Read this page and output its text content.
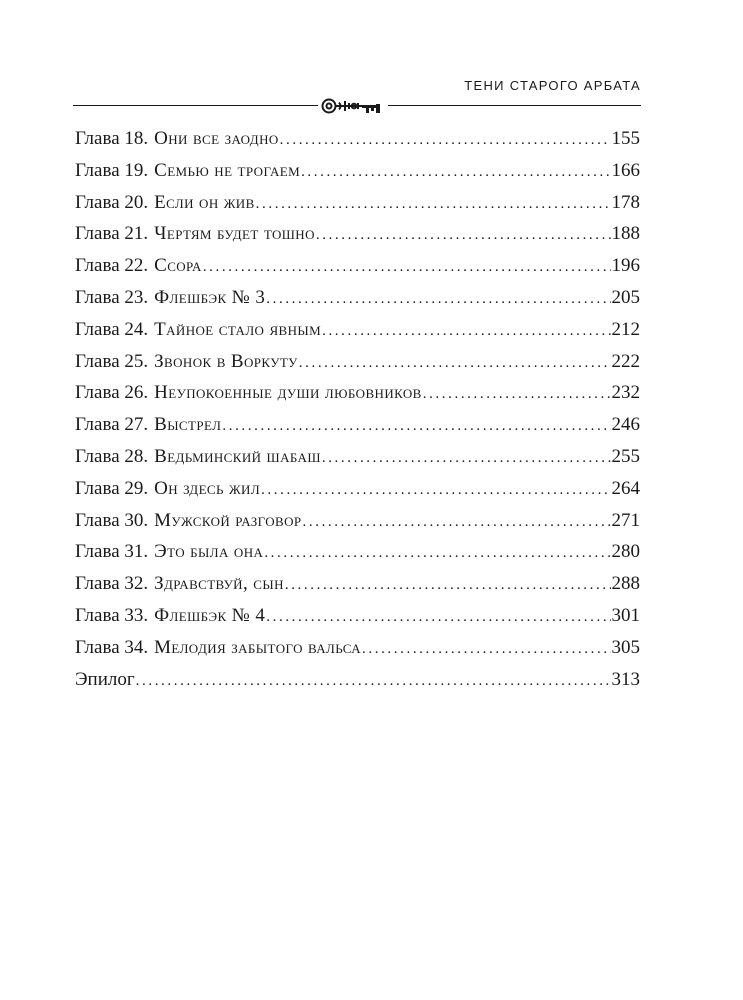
ТЕНИ СТАРОГО АРБАТА
Глава 18. Они все заодно .....	155
Глава 19. Семью не трогаем .....	166
Глава 20. Если он жив .....	178
Глава 21. Чертям будет тошно .....	188
Глава 22. Ссора .....	196
Глава 23. Флешбэк № 3 .....	205
Глава 24. Тайное стало явным .....	212
Глава 25. Звонок в Воркуту .....	222
Глава 26. Неупокоенные души любовников .....	232
Глава 27. Выстрел .....	246
Глава 28. Ведьминский шабаш .....	255
Глава 29. Он здесь жил .....	264
Глава 30. Мужской разговор .....	271
Глава 31. Это была она .....	280
Глава 32. Здравствуй, сын .....	288
Глава 33. Флешбэк № 4 .....	301
Глава 34. Мелодия забытого вальса .....	305
Эпилог .....	313
